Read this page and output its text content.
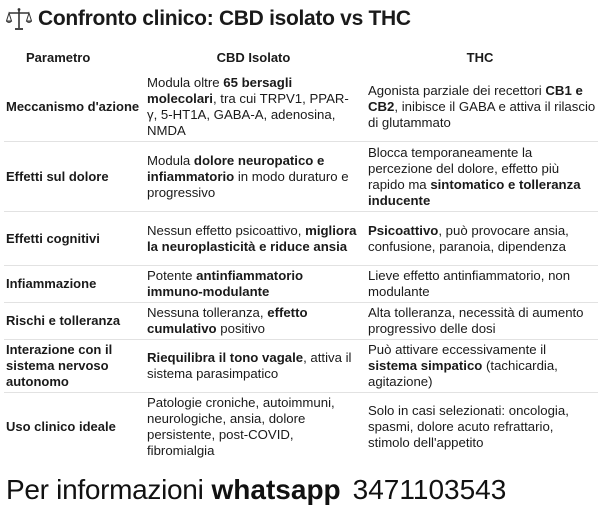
Confronto clinico: CBD isolato vs THC
Parametro	CBD Isolato	THC
Meccanismo d'azione	Modula oltre 65 bersagli molecolari, tra cui TRPV1, PPAR-γ, 5-HT1A, GABA-A, adenosina, NMDA	Agonista parziale dei recettori CB1 e CB2, inibisce il GABA e attiva il rilascio di glutammato
Effetti sul dolore	Modula dolore neuropatico e infiammatorio in modo duraturo e progressivo	Blocca temporaneamente la percezione del dolore, effetto più rapido ma sintomatico e tolleranza inducente
Effetti cognitivi	Nessun effetto psicoattivo, migliora la neuroplasticità e riduce ansia	Psicoattivo, può provocare ansia, confusione, paranoia, dipendenza
Infiammazione	Potente antinfiammatorio immuno-modulante	Lieve effetto antinfiammatorio, non modulante
Rischi e tolleranza	Nessuna tolleranza, effetto cumulativo positivo	Alta tolleranza, necessità di aumento progressivo delle dosi
Interazione con il sistema nervoso autonomo	Riequilibra il tono vagale, attiva il sistema parasimpatico	Può attivare eccessivamente il sistema simpatico (tachicardia, agitazione)
Uso clinico ideale	Patologie croniche, autoimmuni, neurologiche, ansia, dolore persistente, post-COVID, fibromialgia	Solo in casi selezionati: oncologia, spasmi, dolore acuto refrattario, stimolo dell'appetito
Per informazioni whatsapp 3471103543
